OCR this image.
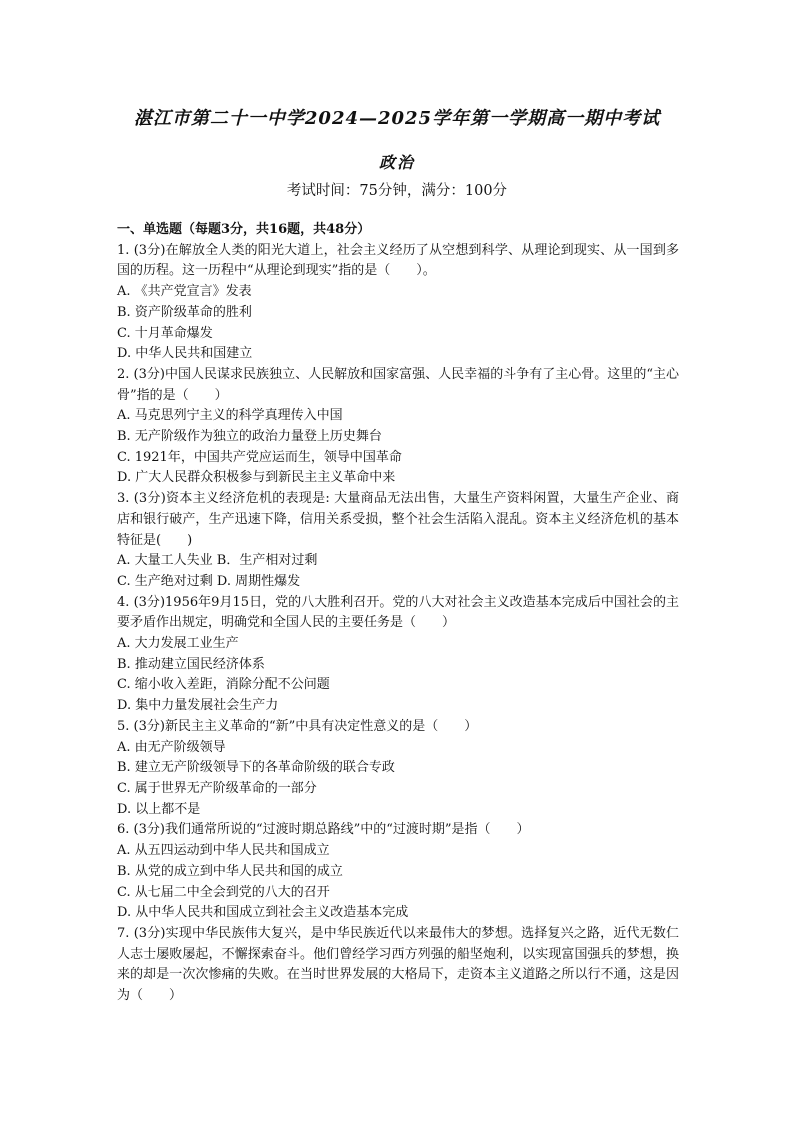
湛江市第二十一中学2024—2025学年第一学期高一期中考试
政治
考试时间：75分钟，满分：100分

一、单选题（每题3分，共16题，共48分）

1. (3分)在解放全人类的阳光大道上，社会主义经历了从空想到科学、从理论到现实、从一国到多国的历程。这一历程中“从理论到现实”指的是（　　）。

A. 《共产党宣言》发表

B. 资产阶级革命的胜利

C. 十月革命爆发

D. 中华人民共和国建立

2. (3分)中国人民谋求民族独立、人民解放和国家富强、人民幸福的斗争有了主心骨。这里的“主心骨”指的是（　　）

A. 马克思列宁主义的科学真理传入中国

B. 无产阶级作为独立的政治力量登上历史舞台

C. 1921年，中国共产党应运而生，领导中国革命

D. 广大人民群众积极参与到新民主主义革命中来

3. (3分)资本主义经济危机的表现是: 大量商品无法出售，大量生产资料闲置，大量生产企业、商店和银行破产，生产迅速下降，信用关系受损，整个社会生活陷入混乱。资本主义经济危机的基本特征是(　　)

A. 大量工人失业 B．生产相对过剩

C. 生产绝对过剩 D. 周期性爆发

4. (3分)1956年9月15日，党的八大胜利召开。党的八大对社会主义改造基本完成后中国社会的主要矛盾作出规定，明确党和全国人民的主要任务是（　　）

A. 大力发展工业生产

B. 推动建立国民经济体系

C. 缩小收入差距，消除分配不公问题

D. 集中力量发展社会生产力

5. (3分)新民主主义革命的“新”中具有决定性意义的是（　　）

A. 由无产阶级领导

B. 建立无产阶级领导下的各革命阶级的联合专政

C. 属于世界无产阶级革命的一部分

D. 以上都不是

6. (3分)我们通常所说的“过渡时期总路线”中的“过渡时期”是指（　　）

A. 从五四运动到中华人民共和国成立

B. 从党的成立到中华人民共和国的成立

C. 从七届二中全会到党的八大的召开

D. 从中华人民共和国成立到社会主义改造基本完成

7. (3分)实现中华民族伟大复兴，是中华民族近代以来最伟大的梦想。选择复兴之路，近代无数仁人志士屡败屡起，不懈探索奋斗。他们曾经学习西方列强的船坚炮利，以实现富国强兵的梦想，换来的却是一次次惨痛的失败。在当时世界发展的大格局下，走资本主义道路之所以行不通，这是因为（　　）
